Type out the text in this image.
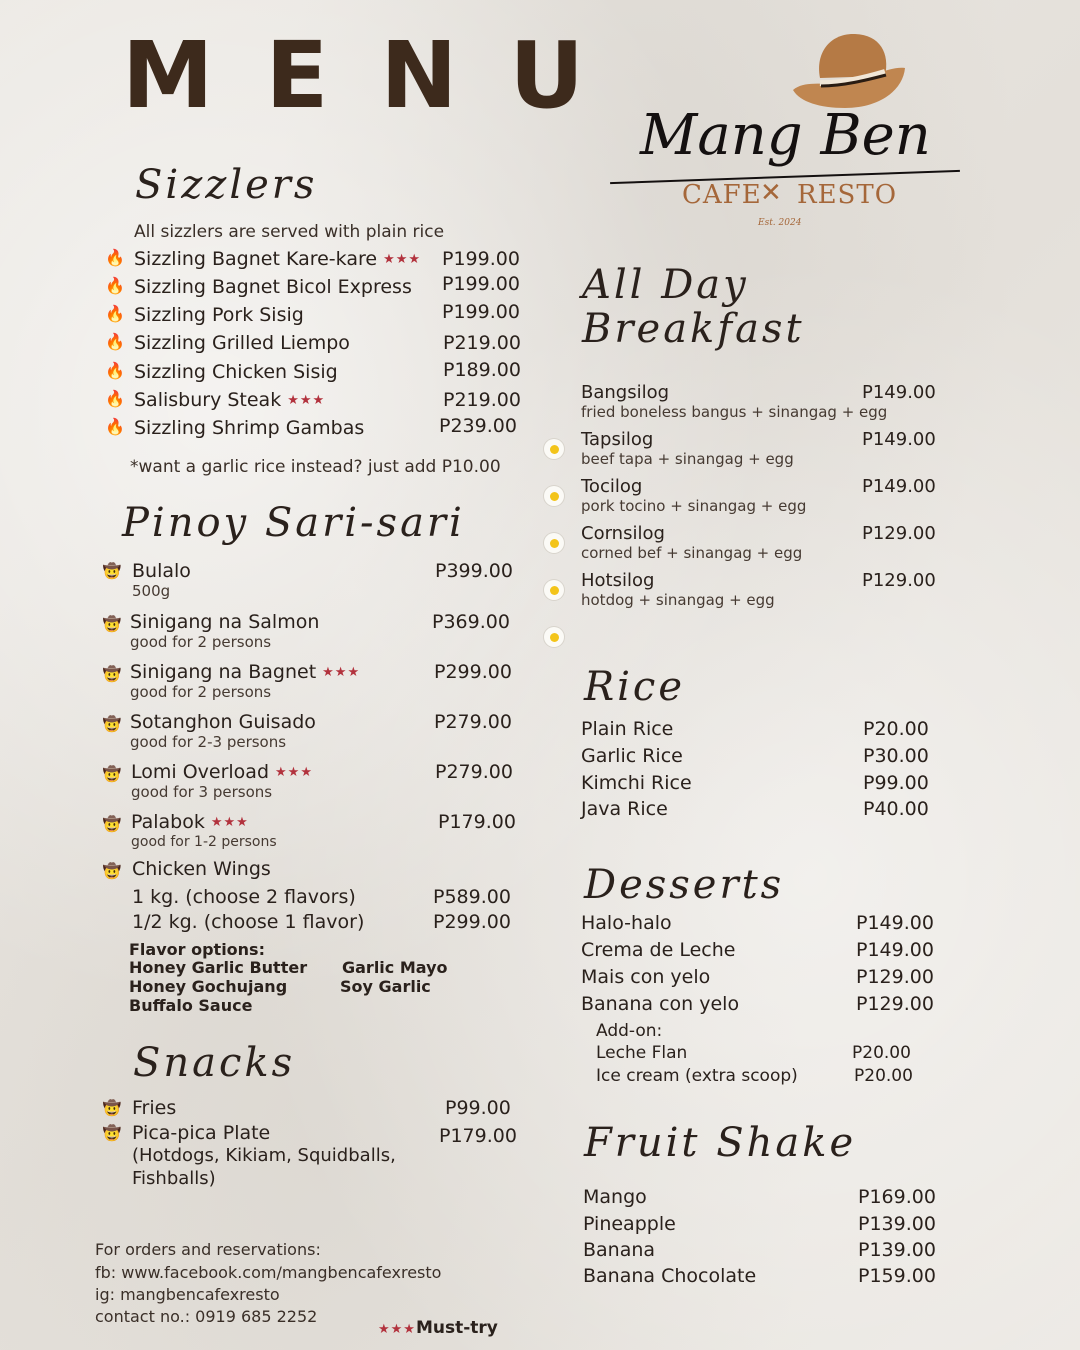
MENU
Mang Ben
CAFE
✕ RESTO
Est. 2024
Sizzlers
All sizzlers are served with plain rice
🔥 Sizzling Bagnet Kare-kare ★★★ P199.00
🔥 Sizzling Bagnet Bicol Express P199.00
🔥 Sizzling Pork Sisig	P199.00
🔥 Sizzling Grilled Liempo	P219.00
🔥 Sizzling Chicken Sisig	P189.00
🔥 Salisbury Steak ★★★	P219.00
🔥 Sizzling Shrimp Gambas	P239.00
*want a garlic rice instead? just add P10.00
Pinoy Sari-sari
🤠 Bulalo
500g
P399.00
🤠 Sinigang na Salmon
good for 2 persons
P369.00
🤠 Sinigang na Bagnet ★★★
good for 2 persons
P299.00
🤠 Sotanghon Guisado
good for 2-3 persons
P279.00
🤠 Lomi Overload ★★★
good for 3 persons
P279.00
🤠 Palabok ★★★
good for 1-2 persons
P179.00
🤠 Chicken Wings
1 kg. (choose 2 flavors)	P589.00
1/2 kg. (choose 1 flavor)	P299.00
Flavor options:
Honey Garlic Butter
Honey Gochujang
Buffalo Sauce
Garlic Mayo
Soy Garlic
Snacks
🤠 Fries	P99.00
🤠 Pica-pica Plate	P179.00
(Hotdogs, Kikiam, Squidballs,
Fishballs)
For orders and reservations:
fb: www.facebook.com/mangbencafexresto
ig: mangbencafexresto
contact no.: 0919 685 2252
★★★Must-try
All Day
Breakfast
Bangsilog
fried boneless bangus + sinangag + egg
P149.00
Tapsilog
beef tapa + sinangag + egg
P149.00
Tocilog
pork tocino + sinangag + egg
P149.00
Cornsilog
corned bef + sinangag + egg
P129.00
Hotsilog
hotdog + sinangag + egg
P129.00
Rice
Plain Rice	P20.00
Garlic Rice	P30.00
Kimchi Rice	P99.00
Java Rice	P40.00
Desserts
Halo-halo	P149.00
Crema de Leche	P149.00
Mais con yelo	P129.00
Banana con yelo	P129.00
Add-on:
Leche Flan	P20.00
Ice cream (extra scoop)	P20.00
Fruit Shake
Mango	P169.00
Pineapple	P139.00
Banana	P139.00
Banana Chocolate	P159.00
